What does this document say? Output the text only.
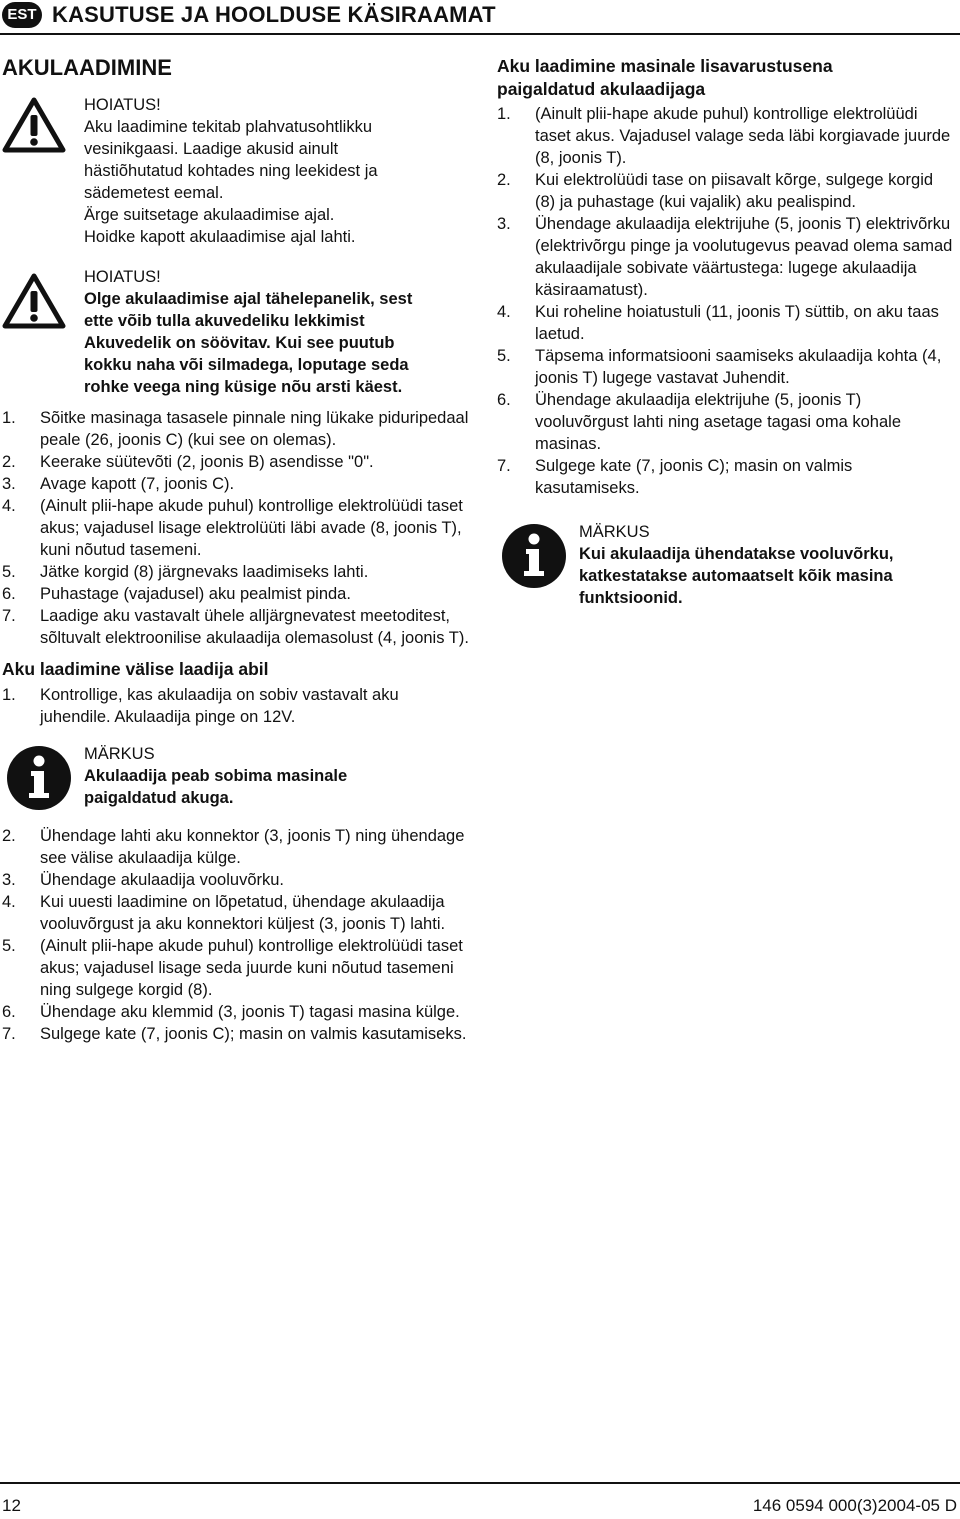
EST KASUTUSE JA HOOLDUSE KÄSIRAAMAT
AKULAADIMINE
HOIATUS!
Aku laadimine tekitab plahvatusohtlikku
vesinikgaasi. Laadige akusid ainult
hästiõhutatud kohtades ning leekidest ja
sädemetest eemal.
Ärge suitsetage akulaadimise ajal.
Hoidke kapott akulaadimise ajal lahti.
HOIATUS!
Olge akulaadimise ajal tähelepanelik, sest
ette võib tulla akuvedeliku lekkimist
Akuvedelik on söövitav. Kui see puutub
kokku naha või silmadega, loputage seda
rohke veega ning küsige nõu arsti käest.
1. Sõitke masinaga tasasele pinnale ning lükake piduripedaal peale (26, joonis C) (kui see on olemas).
2. Keerake süütevõti (2, joonis B) asendisse "0".
3. Avage kapott (7, joonis C).
4. (Ainult plii-hape akude puhul) kontrollige elektrolüüdi taset akus; vajadusel lisage elektrolüüti läbi avade (8, joonis T), kuni nõutud tasemeni.
5. Jätke korgid (8) järgnevaks laadimiseks lahti.
6. Puhastage (vajadusel) aku pealmist pinda.
7. Laadige aku vastavalt ühele alljärgnevatest meetoditest, sõltuvalt elektroonilise akulaadija olemasolust (4, joonis T).
Aku laadimine välise laadija abil
1. Kontrollige, kas akulaadija on sobiv vastavalt aku juhendile. Akulaadija pinge on 12V.
MÄRKUS
Akulaadija peab sobima masinale
paigaldatud akuga.
2. Ühendage lahti aku konnektor (3, joonis T) ning ühendage see välise akulaadija külge.
3. Ühendage akulaadija vooluvõrku.
4. Kui uuesti laadimine on lõpetatud, ühendage akulaadija vooluvõrgust ja aku konnektori küljest (3, joonis T) lahti.
5. (Ainult plii-hape akude puhul) kontrollige elektrolüüdi taset akus; vajadusel lisage seda juurde kuni nõutud tasemeni ning sulgege korgid (8).
6. Ühendage aku klemmid (3, joonis T) tagasi masina külge.
7. Sulgege kate (7, joonis C); masin on valmis kasutamiseks.
Aku laadimine masinale lisavarustusena
paigaldatud akulaadijaga
1. (Ainult plii-hape akude puhul) kontrollige elektrolüüdi taset akus. Vajadusel valage seda läbi korgiavade juurde (8, joonis T).
2. Kui elektrolüüdi tase on piisavalt kõrge, sulgege korgid (8) ja puhastage (kui vajalik) aku pealispind.
3. Ühendage akulaadija elektrijuhe (5, joonis T) elektrivõrku (elektrivõrgu pinge ja voolutugevus peavad olema samad akulaadijale sobivate väärtustega: lugege akulaadija käsiraamatust).
4. Kui roheline hoiatustuli (11, joonis T) süttib, on aku taas laetud.
5. Täpsema informatsiooni saamiseks akulaadija kohta (4, joonis T) lugege vastavat Juhendit.
6. Ühendage akulaadija elektrijuhe (5, joonis T) vooluvõrgust lahti ning asetage tagasi oma kohale masinas.
7. Sulgege kate (7, joonis C); masin on valmis kasutamiseks.
MÄRKUS
Kui akulaadija ühendatakse vooluvõrku,
katkestatakse automaatselt kõik masina
funktsioonid.
12	146 0594 000(3)2004-05 D
